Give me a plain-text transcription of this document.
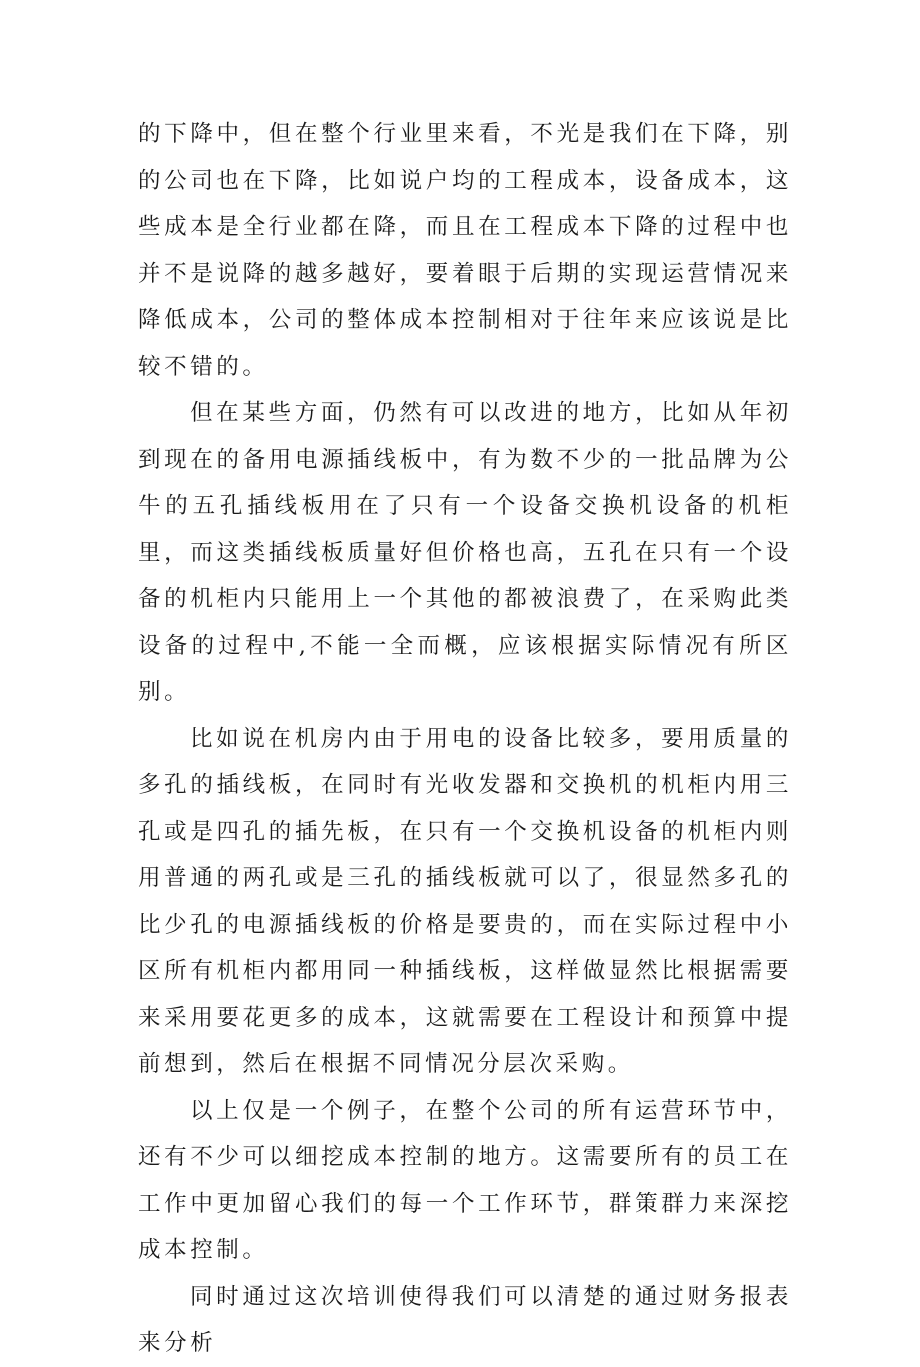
的下降中，但在整个行业里来看，不光是我们在下降，别的公司也在下降，比如说户均的工程成本，设备成本，这些成本是全行业都在降，而且在工程成本下降的过程中也并不是说降的越多越好，要着眼于后期的实现运营情况来降低成本，公司的整体成本控制相对于往年来应该说是比较不错的。

但在某些方面，仍然有可以改进的地方，比如从年初到现在的备用电源插线板中，有为数不少的一批品牌为公牛的五孔插线板用在了只有一个设备交换机设备的机柜里，而这类插线板质量好但价格也高，五孔在只有一个设备的机柜内只能用上一个其他的都被浪费了，在采购此类设备的过程中,不能一全而概，应该根据实际情况有所区别。

比如说在机房内由于用电的设备比较多，要用质量的多孔的插线板，在同时有光收发器和交换机的机柜内用三孔或是四孔的插先板，在只有一个交换机设备的机柜内则用普通的两孔或是三孔的插线板就可以了，很显然多孔的比少孔的电源插线板的价格是要贵的，而在实际过程中小区所有机柜内都用同一种插线板，这样做显然比根据需要来采用要花更多的成本，这就需要在工程设计和预算中提前想到，然后在根据不同情况分层次采购。

以上仅是一个例子，在整个公司的所有运营环节中，还有不少可以细挖成本控制的地方。这需要所有的员工在工作中更加留心我们的每一个工作环节，群策群力来深挖成本控制。

同时通过这次培训使得我们可以清楚的通过财务报表来分析
